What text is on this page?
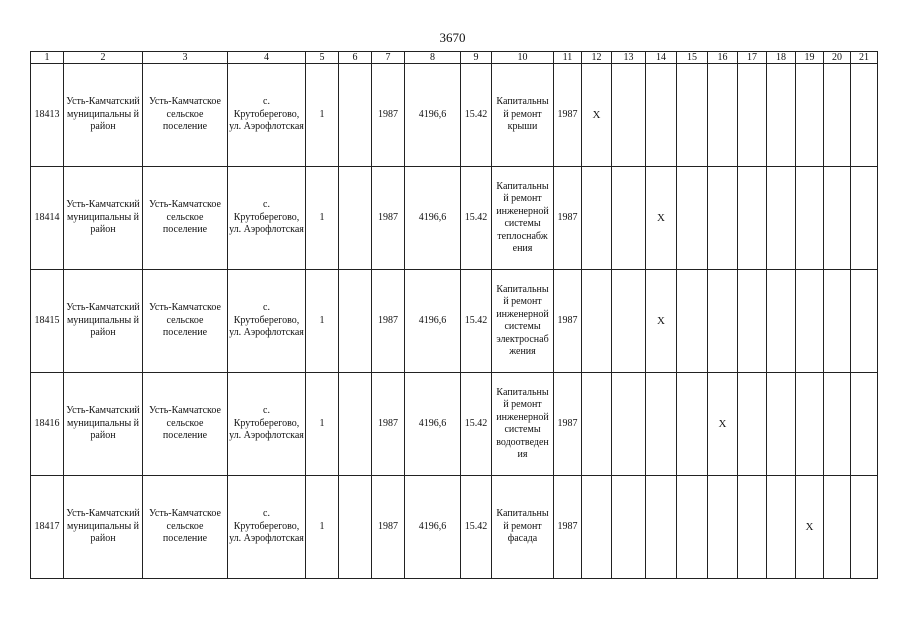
3670
1	2	3	4	5	6	7	8	9	10	11	12	13	14	15	16	17	18	19	20	21
18413	Усть-Камчатский муниципальны й район	Усть-Камчатское сельское поселение	с. Крутоберегово, ул. Аэрофлотская	1		1987	4196,6	15.42	Капитальны й ремонт крыши	1987	X									
18414	Усть-Камчатский муниципальны й район	Усть-Камчатское сельское поселение	с. Крутоберегово, ул. Аэрофлотская	1		1987	4196,6	15.42	Капитальны й ремонт инженерной системы теплоснабж ения	1987			X							
18415	Усть-Камчатский муниципальны й район	Усть-Камчатское сельское поселение	с. Крутоберегово, ул. Аэрофлотская	1		1987	4196,6	15.42	Капитальны й ремонт инженерной системы электроснаб жения	1987			X							
18416	Усть-Камчатский муниципальны й район	Усть-Камчатское сельское поселение	с. Крутоберегово, ул. Аэрофлотская	1		1987	4196,6	15.42	Капитальны й ремонт инженерной системы водоотведен ия	1987					X					
18417	Усть-Камчатский муниципальны й район	Усть-Камчатское сельское поселение	с. Крутоберегово, ул. Аэрофлотская	1		1987	4196,6	15.42	Капитальны й ремонт фасада	1987								X		
